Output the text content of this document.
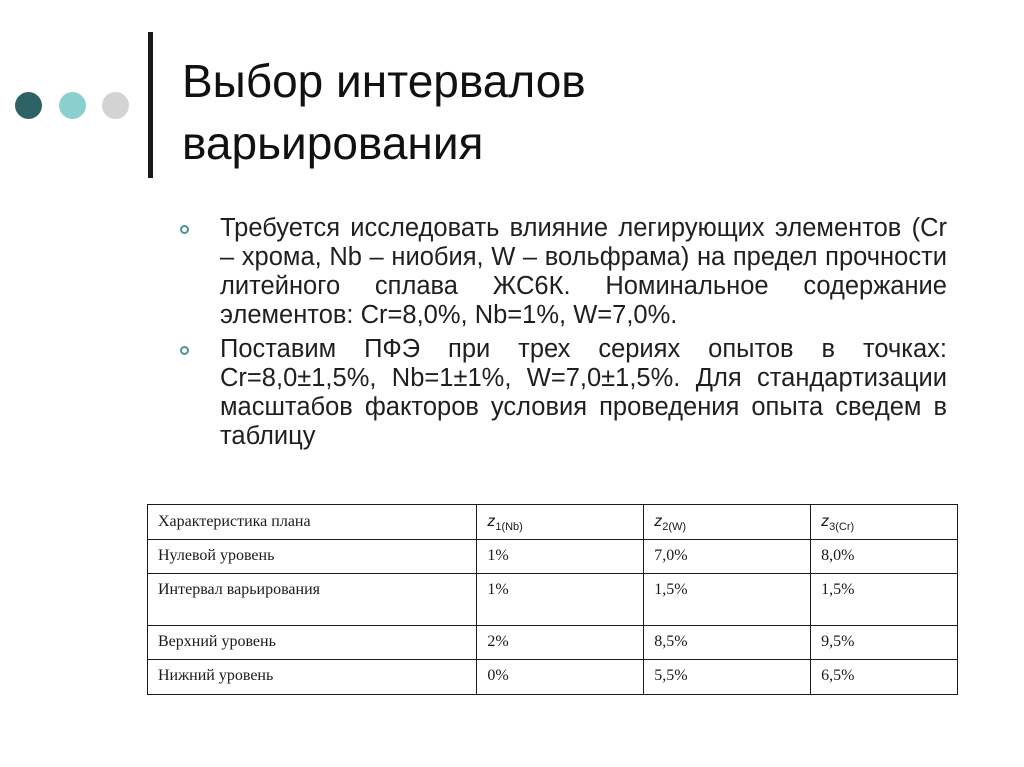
Выбор интервалов
варьирования
Требуется исследовать влияние легирующих элементов (Cr – хрома, Nb – ниобия, W – вольфрама) на предел прочности литейного сплава ЖС6К. Номинальное содержание элементов: Cr=8,0%, Nb=1%, W=7,0%.
Поставим ПФЭ при трех сериях опытов в точках: Cr=8,0±1,5%, Nb=1±1%, W=7,0±1,5%. Для стандартизации масштабов факторов условия проведения опыта сведем в таблицу
Характеристика плана	$z_{1(Nb)}$	$z_{2(W)}$	$z_{3(Cr)}$
Нулевой уровень	1%	7,0%	8,0%
Интервал варьирования	1%	1,5%	1,5%
Верхний уровень	2%	8,5%	9,5%
Нижний уровень	0%	5,5%	6,5%
